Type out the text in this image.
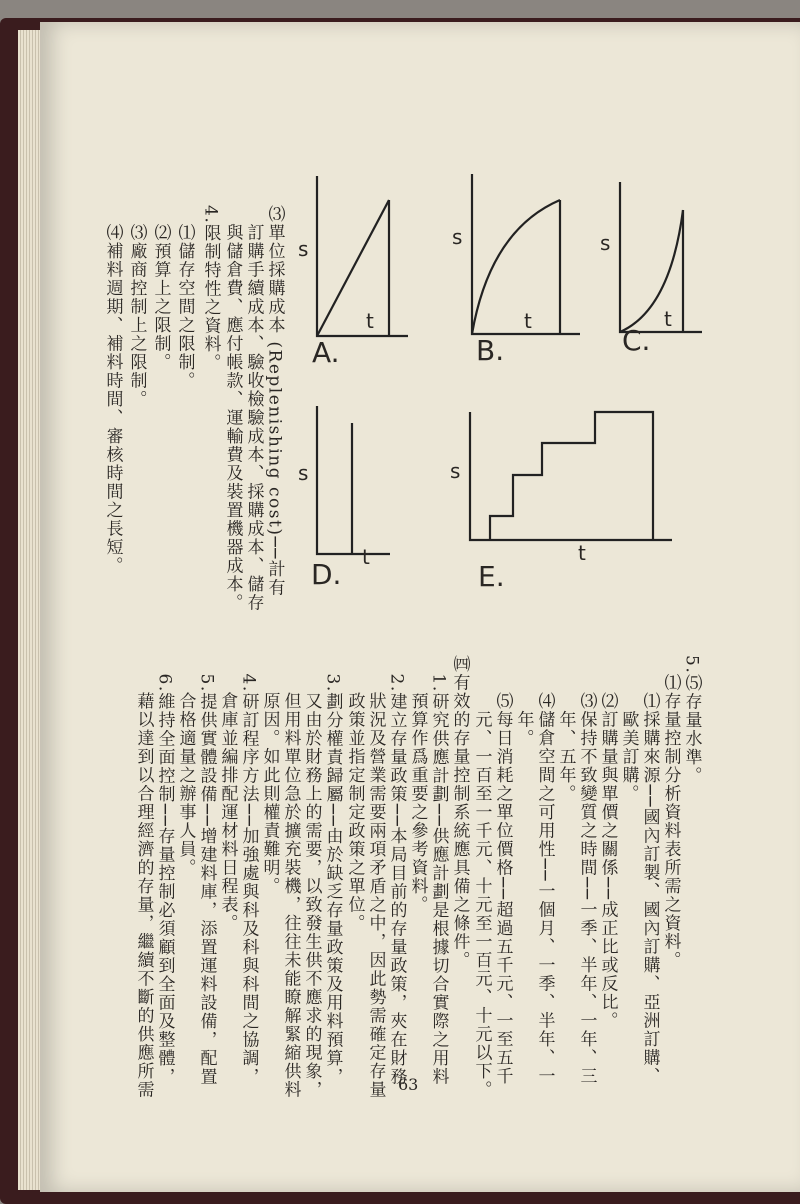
s
t
A.
s
t
B.
s
t
C.
s
t
D.
s
t
E.
⑶單位採購成本 (Replenishing cost)──計有
　訂購手續成本、驗收檢驗成本、採購成本、儲存
　與儲倉費、應付帳款、運輸費及裝置機器成本。
4.限制特性之資料。
　⑴儲存空間之限制。
　⑵預算上之限制。
　⑶廠商控制上之限制。
　⑷補料週期、補料時間、審核時間之長短。
5.⑸存量水準。
　⑴存量控制分析資料表所需之資料。
　　⑴採購來源──國內訂製、國內訂購、亞洲訂購、
　　　歐美訂購。
　　⑵訂購量與單價之關係──成正比或反比。
　　⑶保持不致變質之時間──一季、半年、一年、三
　　　年、五年。
　　⑷儲倉空間之可用性──一個月、一季、半年、一
　　　年。
　　⑸每日消耗之單位價格──超過五千元、一至五千
　　　元、一百至一千元、十元至一百元、十元以下。
㈣有效的存量控制系統應具備之條件。
　1.研究供應計劃──供應計劃是根據切合實際之用料
　　預算作爲重要之參考資料。
　2.建立存量政策──本局目前的存量政策，夾在財務
　　狀況及營業需要兩項矛盾之中，因此勢需確定存量
　　政策並指定制定政策之單位。
　3.劃分權責歸屬──由於缺乏存量政策及用料預算，
　　又由於財務上的需要，以致發生供不應求的現象，
　　但用料單位急於擴充裝機，往往未能瞭解緊縮供料
　　原因。如此則權責難明。
　4.研訂程序方法──加強處與科及科與科間之協調，
　　倉庫並編排配運材料日程表。
　5.提供實體設備──增建料庫，添置運料設備，配置
　　合格適量之辦事人員。
　6.維持全面控制──存量控制必須顧到全面及整體，
　　藉以達到以合理經濟的存量，繼續不斷的供應所需	63
